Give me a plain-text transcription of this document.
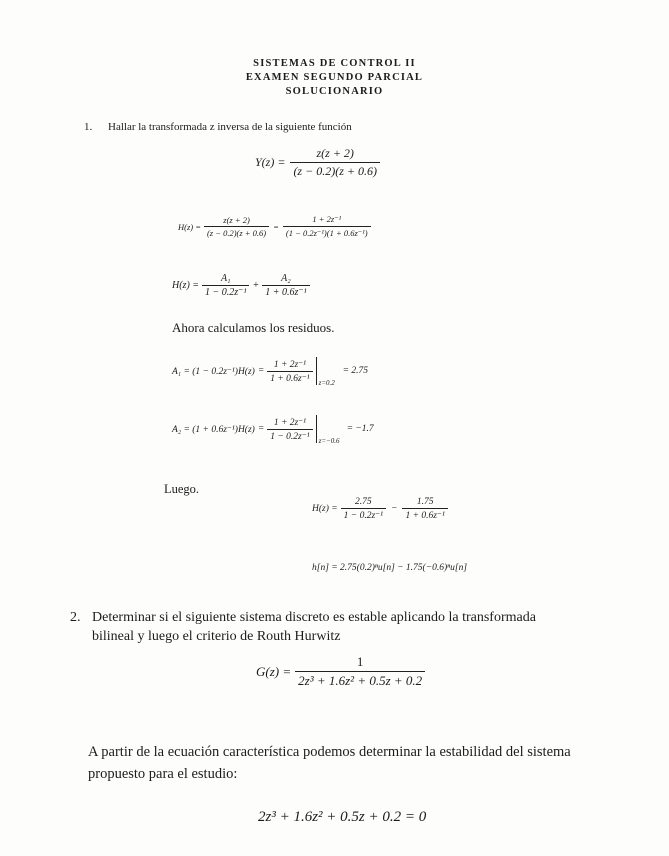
SISTEMAS DE CONTROL II
EXAMEN SEGUNDO PARCIAL
SOLUCIONARIO
1. Hallar la transformada z inversa de la siguiente función
$Y(z) = \frac{z(z + 2)}{(z - 0.2)(z + 0.6)}$
$H(z) = \frac{z(z + 2)}{(z - 0.2)(z + 0.6)} = \frac{\text{1 + 2z⁻¹}}{\text{(1 − 0.2z⁻¹)(1 + 0.6z⁻¹)}}$
$H(z) = \frac{\text{A₁}}{\text{1 − 0.2z⁻¹}} + \frac{\text{A₂}}{\text{1 + 0.6z⁻¹}}$
Ahora calculamos los residuos.
$A_1 = (1 - 0.2z^{-1})H(z) = \frac{\text{1 + 2z⁻¹}}{\text{1 + 0.6z⁻¹}} z=0.2$
= 2.75
$A_2 = (1 + 0.6z^{-1})H(z) = \frac{\text{1 + 2z⁻¹}}{\text{1 − 0.2z⁻¹}} z=-0.6$
= −1.7
Luego.
$H(z) = \frac{2.75}{\text{1 − 0.2z⁻¹}} - \frac{1.75}{\text{1 + 0.6z⁻¹}}$
h[n] = 2.75(0.2)ⁿu[n] − 1.75(−0.6)ⁿu[n]
2. Determinar si el siguiente sistema discreto es estable aplicando la transformada
bilineal y luego el criterio de Routh Hurwitz
$G(z) = \frac{1}{\text{2z³ + 1.6z² + 0.5z + 0.2}}$
A partir de la ecuación característica podemos determinar la estabilidad del sistema
propuesto para el estudio:
2z³ + 1.6z² + 0.5z + 0.2 = 0
